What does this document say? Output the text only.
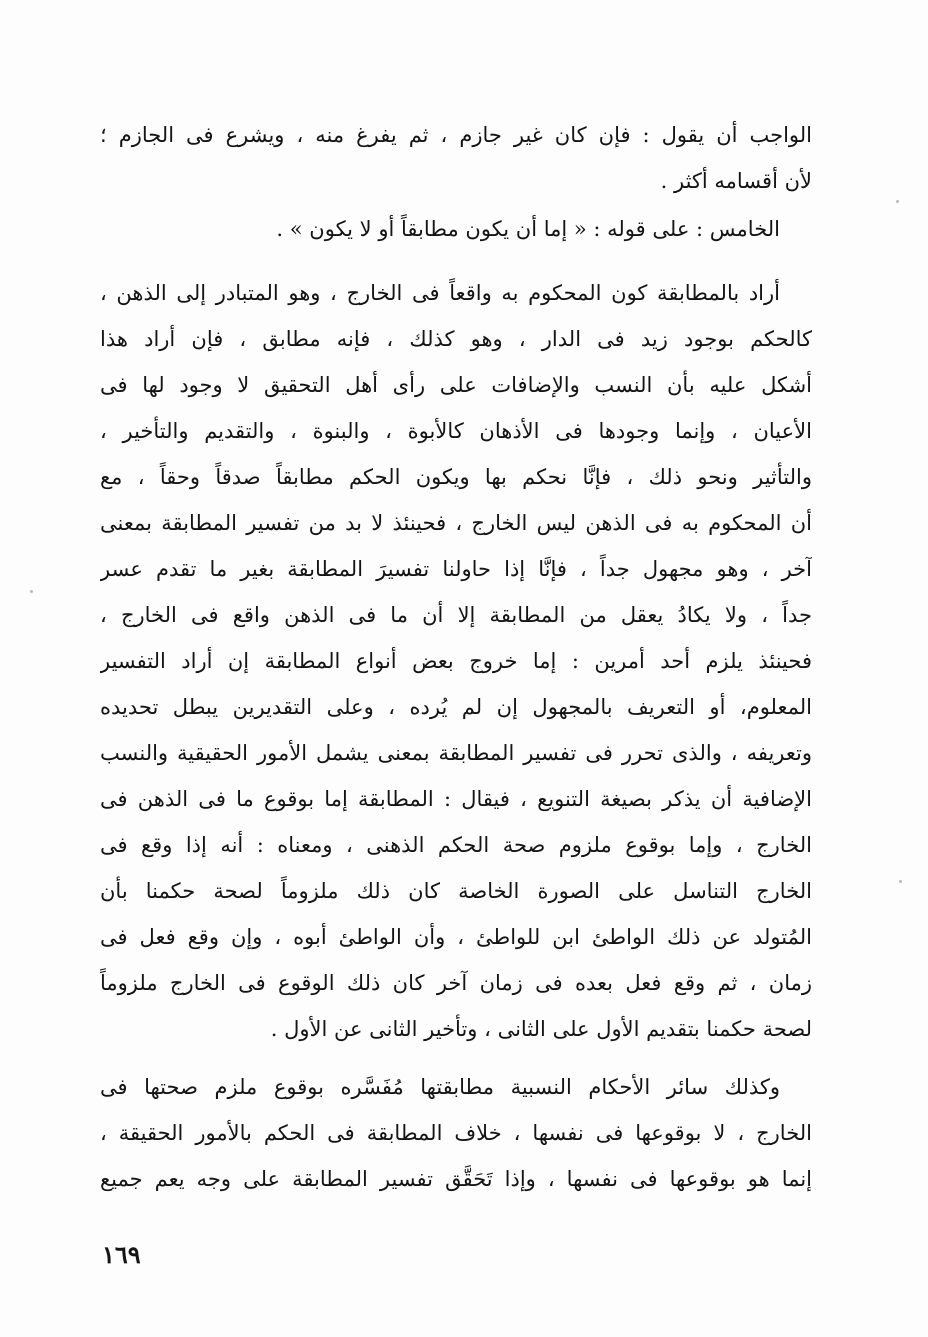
الواجب أن يقول : فإن كان غير جازم ، ثم يفرغ منه ، ويشرع فى الجازم ؛
لأن أقسامه أكثر .
الخامس : على قوله : « إما أن يكون مطابقاً أو لا يكون » .
أراد بالمطابقة كون المحكوم به واقعاً فى الخارج ، وهو المتبادر إلى الذهن ،
كالحكم بوجود زيد فى الدار ، وهو كذلك ، فإنه مطابق ، فإن أراد هذا
أشكل عليه بأن النسب والإضافات على رأى أهل التحقيق لا وجود لها فى
الأعيان ، وإنما وجودها فى الأذهان كالأبوة ، والبنوة ، والتقديم والتأخير ،
والتأثير ونحو ذلك ، فإنَّا نحكم بها ويكون الحكم مطابقاً صدقاً وحقاً ، مع
أن المحكوم به فى الذهن ليس الخارج ، فحينئذ لا بد من تفسير المطابقة بمعنى
آخر ، وهو مجهول جداً ، فإنَّا إذا حاولنا تفسيرَ المطابقة بغير ما تقدم عسر
جداً ، ولا يكادُ يعقل من المطابقة إلا أن ما فى الذهن واقع فى الخارج ،
فحينئذ يلزم أحد أمرين : إما خروج بعض أنواع المطابقة إن أراد التفسير
المعلوم، أو التعريف بالمجهول إن لم يُرده ، وعلى التقديرين يبطل تحديده
وتعريفه ، والذى تحرر فى تفسير المطابقة بمعنى يشمل الأمور الحقيقية والنسب
الإضافية أن يذكر بصيغة التنويع ، فيقال : المطابقة إما بوقوع ما فى الذهن فى
الخارج ، وإما بوقوع ملزوم صحة الحكم الذهنى ، ومعناه : أنه إذا وقع فى
الخارج التناسل على الصورة الخاصة كان ذلك ملزوماً لصحة حكمنا بأن
المُتولد عن ذلك الواطئ ابن للواطئ ، وأن الواطئ أبوه ، وإن وقع فعل فى
زمان ، ثم وقع فعل بعده فى زمان آخر كان ذلك الوقوع فى الخارج ملزوماً
لصحة حكمنا بتقديم الأول على الثانى ، وتأخير الثانى عن الأول .
وكذلك سائر الأحكام النسبية مطابقتها مُفَسَّره بوقوع ملزم صحتها فى
الخارج ، لا بوقوعها فى نفسها ، خلاف المطابقة فى الحكم بالأمور الحقيقة ،
إنما هو بوقوعها فى نفسها ، وإذا تَحَقَّق تفسير المطابقة على وجه يعم جميع
١٦٩
